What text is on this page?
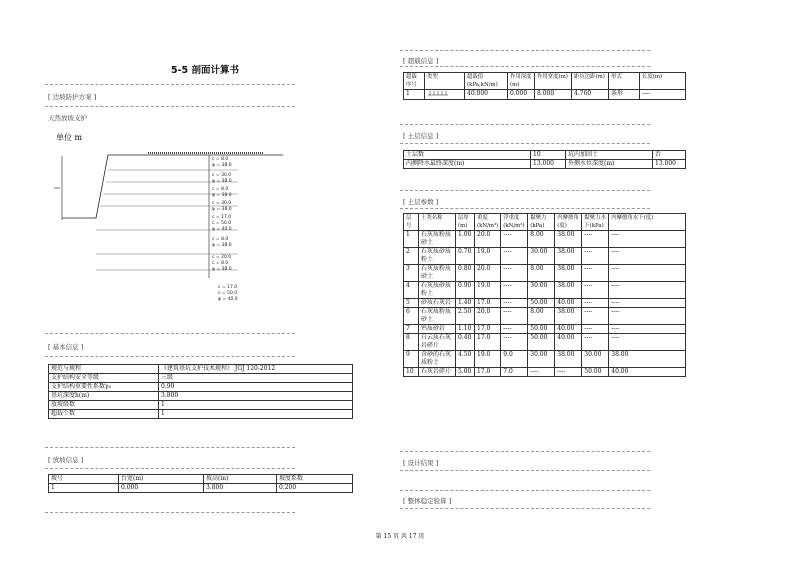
5-5 剖面计算书
[ 边坡防护方案 ]
天然放坡支护
单位 m
c = 8.0
φ = 38.0
c = 30.0
φ = 38.0
c = 8.0
φ = 38.0
c = 30.0
φ = 38.0
c = 17.0
c = 50.0
φ = 40.0
c = 8.0
φ = 38.0
c = 20.0
c = 8.0
φ = 38.0
c = 17.0
c = 50.0
φ = 40.0
[ 基本信息 ]
规范与规程	《建筑基坑支护技术规程》 JGJ 120-2012
支护结构安全等级	三级
支护结构重要性系数γ₀	0.90
基坑深度h(m)	3.800
放坡级数	1
超载个数	1
[ 放坡信息 ]
坡号	台宽(m)	坡高(m)	坡度系数
1	0.000	3.800	0.200
[ 超载信息 ]
超载序号	类型	超载值(kPa,kN/m)	作用深度(m)	作用宽度(m)	距坑边距(m)	形式	长度(m)
1		40.000	0.000	8.000	4.760	条形	----
[ 土层信息 ]
土层数	10	坑内加固土	否
内侧降水最终深度(m)	13.000	外侧水位深度(m)	13.000
[ 土层参数 ]
层号	土类名称	层厚(m)	重度(kN/m³)	浮重度(kN/m³)	黏聚力(kPa)	内摩擦角(度)	黏聚力水下(kPa)	内摩擦角水下(度)
1	石灰质粉质砂土	1.00	20.0	----	8.00	38.00	----	----
2	石灰质砂质粉土	0.70	19.0	----	30.00	38.00	----	----
3	石灰质粉质砂土	0.80	20.0	----	8.00	38.00	----	----
4	石灰质砂质粉土	0.90	19.0	----	30.00	38.00	----	----
5	砂质石灰岩	1.40	17.0	----	50.00	40.00	----	----
6	石灰质粉质砂土	2.50	20.0	----	8.00	38.00	----	----
7	钙质砂岩	1.10	17.0	----	50.00	40.00	----	----
8	白云质石灰岩碎片	0.40	17.0	----	50.00	40.00	----	----
9	含砂的石灰质粉土	4.50	19.0	9.0	30.00	38.00	30.00	38.00
10	石灰岩碎片	5.00	17.0	7.0	----	----	50.00	40.00
[ 设计结果 ]
[ 整体稳定验算 ]
第 15 页 共 17 页
